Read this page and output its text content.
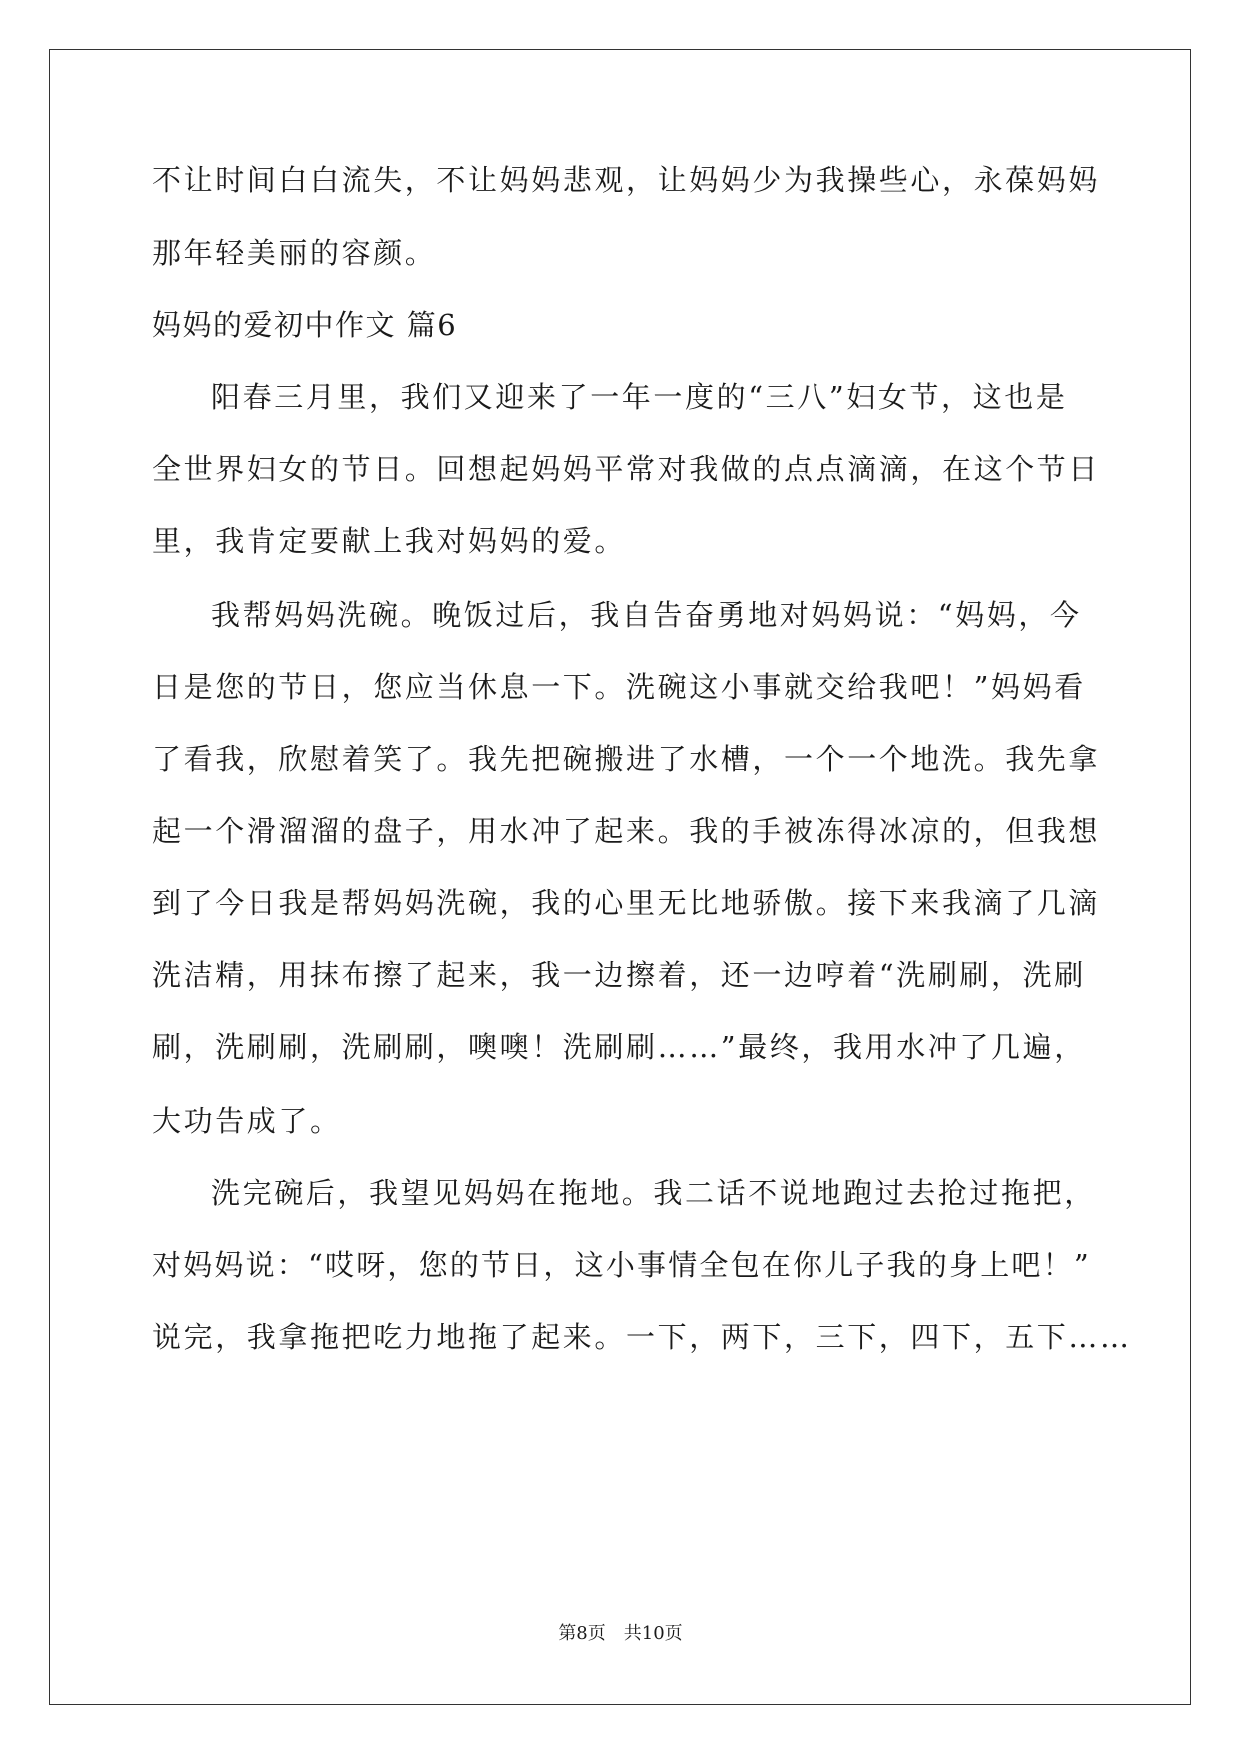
不让时间白白流失，不让妈妈悲观，让妈妈少为我操些心，永葆妈妈
那年轻美丽的容颜。
妈妈的爱初中作文 篇6
阳春三月里，我们又迎来了一年一度的“三八”妇女节，这也是
全世界妇女的节日。回想起妈妈平常对我做的点点滴滴，在这个节日
里，我肯定要献上我对妈妈的爱。
我帮妈妈洗碗。晚饭过后，我自告奋勇地对妈妈说：“妈妈，今
日是您的节日，您应当休息一下。洗碗这小事就交给我吧！”妈妈看
了看我，欣慰着笑了。我先把碗搬进了水槽，一个一个地洗。我先拿
起一个滑溜溜的盘子，用水冲了起来。我的手被冻得冰凉的，但我想
到了今日我是帮妈妈洗碗，我的心里无比地骄傲。接下来我滴了几滴
洗洁精，用抹布擦了起来，我一边擦着，还一边哼着“洗刷刷，洗刷
刷，洗刷刷，洗刷刷，噢噢！洗刷刷……”最终，我用水冲了几遍，
大功告成了。
洗完碗后，我望见妈妈在拖地。我二话不说地跑过去抢过拖把，
对妈妈说：“哎呀，您的节日，这小事情全包在你儿子我的身上吧！”
说完，我拿拖把吃力地拖了起来。一下，两下，三下，四下，五下……
第8页 共10页
